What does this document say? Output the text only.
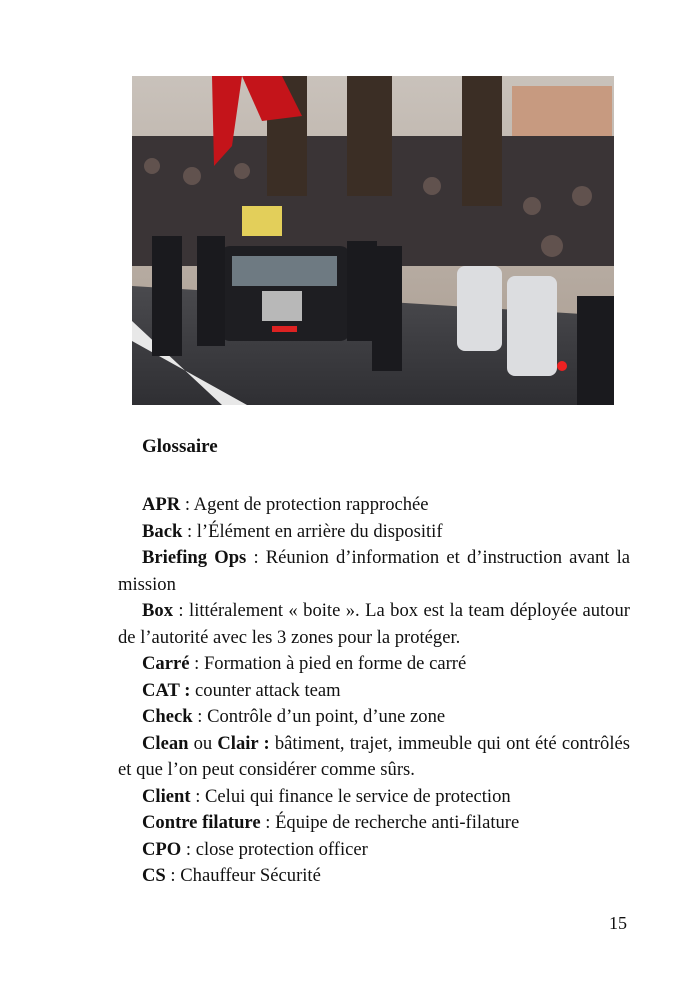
Glossaire

APR : Agent de protection rapprochée

Back : l’Élément en arrière du dispositif

Briefing Ops : Réunion d’information et d’instruction avant la mission

Box : littéralement « boite ». La box est la team déployée autour de l’autorité avec les 3 zones pour la protéger.

Carré : Formation à pied en forme de carré

CAT : counter attack team

Check : Contrôle d’un point, d’une zone

Clean ou Clair : bâtiment, trajet, immeuble qui ont été contrôlés et que l’on peut considérer comme sûrs.

Client : Celui qui finance le service de protection

Contre filature : Équipe de recherche anti-filature

CPO : close protection officer

CS : Chauffeur Sécurité

15
